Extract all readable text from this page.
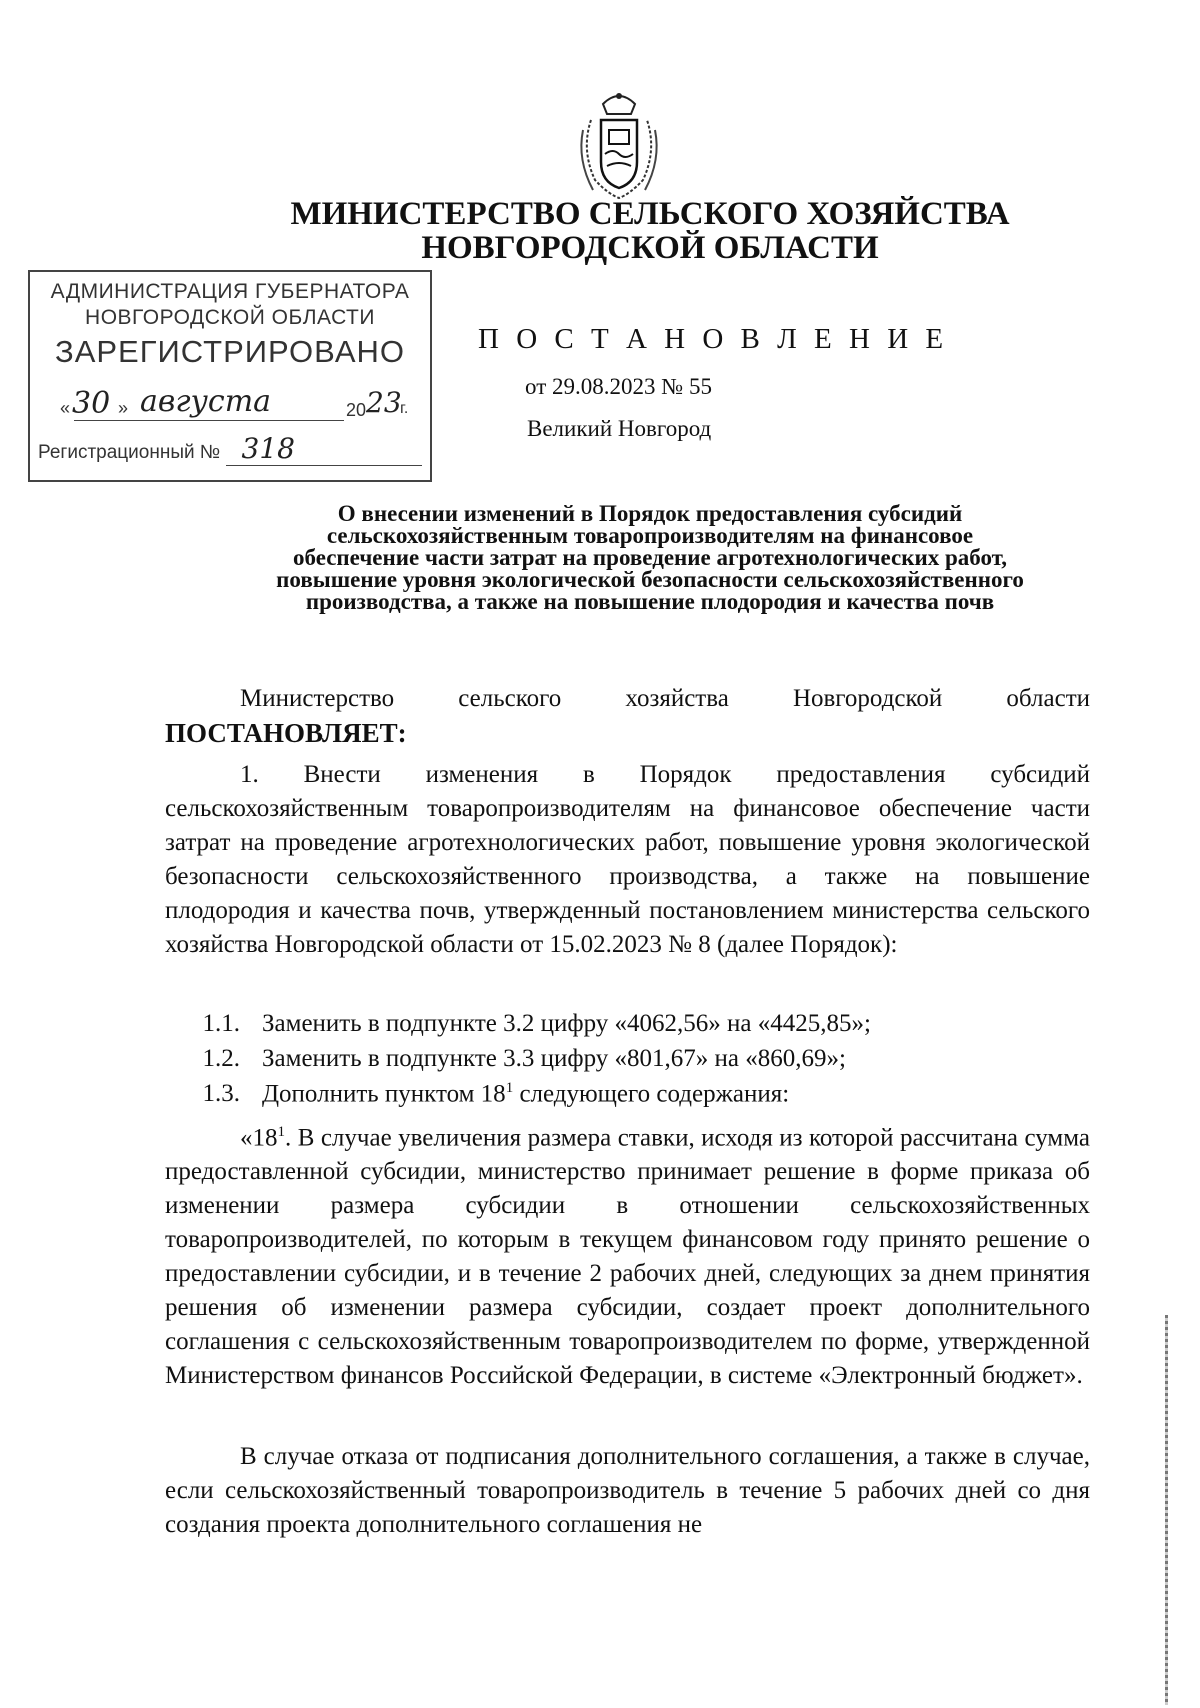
МИНИСТЕРСТВО СЕЛЬСКОГО ХОЗЯЙСТВА
НОВГОРОДСКОЙ ОБЛАСТИ
АДМИНИСТРАЦИЯ ГУБЕРНАТОРА
НОВГОРОДСКОЙ ОБЛАСТИ
ЗАРЕГИСТРИРОВАНО
« 30 » августа	20 23
г.
Регистрационный № 318
П О С Т А Н О В Л Е Н И Е
от 29.08.2023 № 55
Великий Новгород
О внесении изменений в Порядок предоставления субсидий
сельскохозяйственным товаропроизводителям на финансовое
обеспечение части затрат на проведение агротехнологических работ,
повышение уровня экологической безопасности сельскохозяйственного
производства, а также на повышение плодородия и качества почв
Министерство сельского хозяйства Новгородской области
ПОСТАНОВЛЯЕТ:
1. Внести изменения в Порядок предоставления субсидий сельскохозяйственным товаропроизводителям на финансовое обеспечение части затрат на проведение агротехнологических работ, повышение уровня экологической безопасности сельскохозяйственного производства, а также на повышение плодородия и качества почв, утвержденный постановлением министерства сельского хозяйства Новгородской области от 15.02.2023 № 8 (далее Порядок):
1.1. Заменить в подпункте 3.2 цифру «4062,56» на «4425,85»;
1.2. Заменить в подпункте 3.3 цифру «801,67» на «860,69»;
1.3. Дополнить пунктом $18^1$ следующего содержания:
«$18^1$. В случае увеличения размера ставки, исходя из которой рассчитана сумма предоставленной субсидии, министерство принимает решение в форме приказа об изменении размера субсидии в отношении сельскохозяйственных товаропроизводителей, по которым в текущем финансовом году принято решение о предоставлении субсидии, и в течение 2 рабочих дней, следующих за днем принятия решения об изменении размера субсидии, создает проект дополнительного соглашения с сельскохозяйственным товаропроизводителем по форме, утвержденной Министерством финансов Российской Федерации, в системе «Электронный бюджет».
В случае отказа от подписания дополнительного соглашения, а также в случае, если сельскохозяйственный товаропроизводитель в течение 5 рабочих дней со дня создания проекта дополнительного соглашения не
